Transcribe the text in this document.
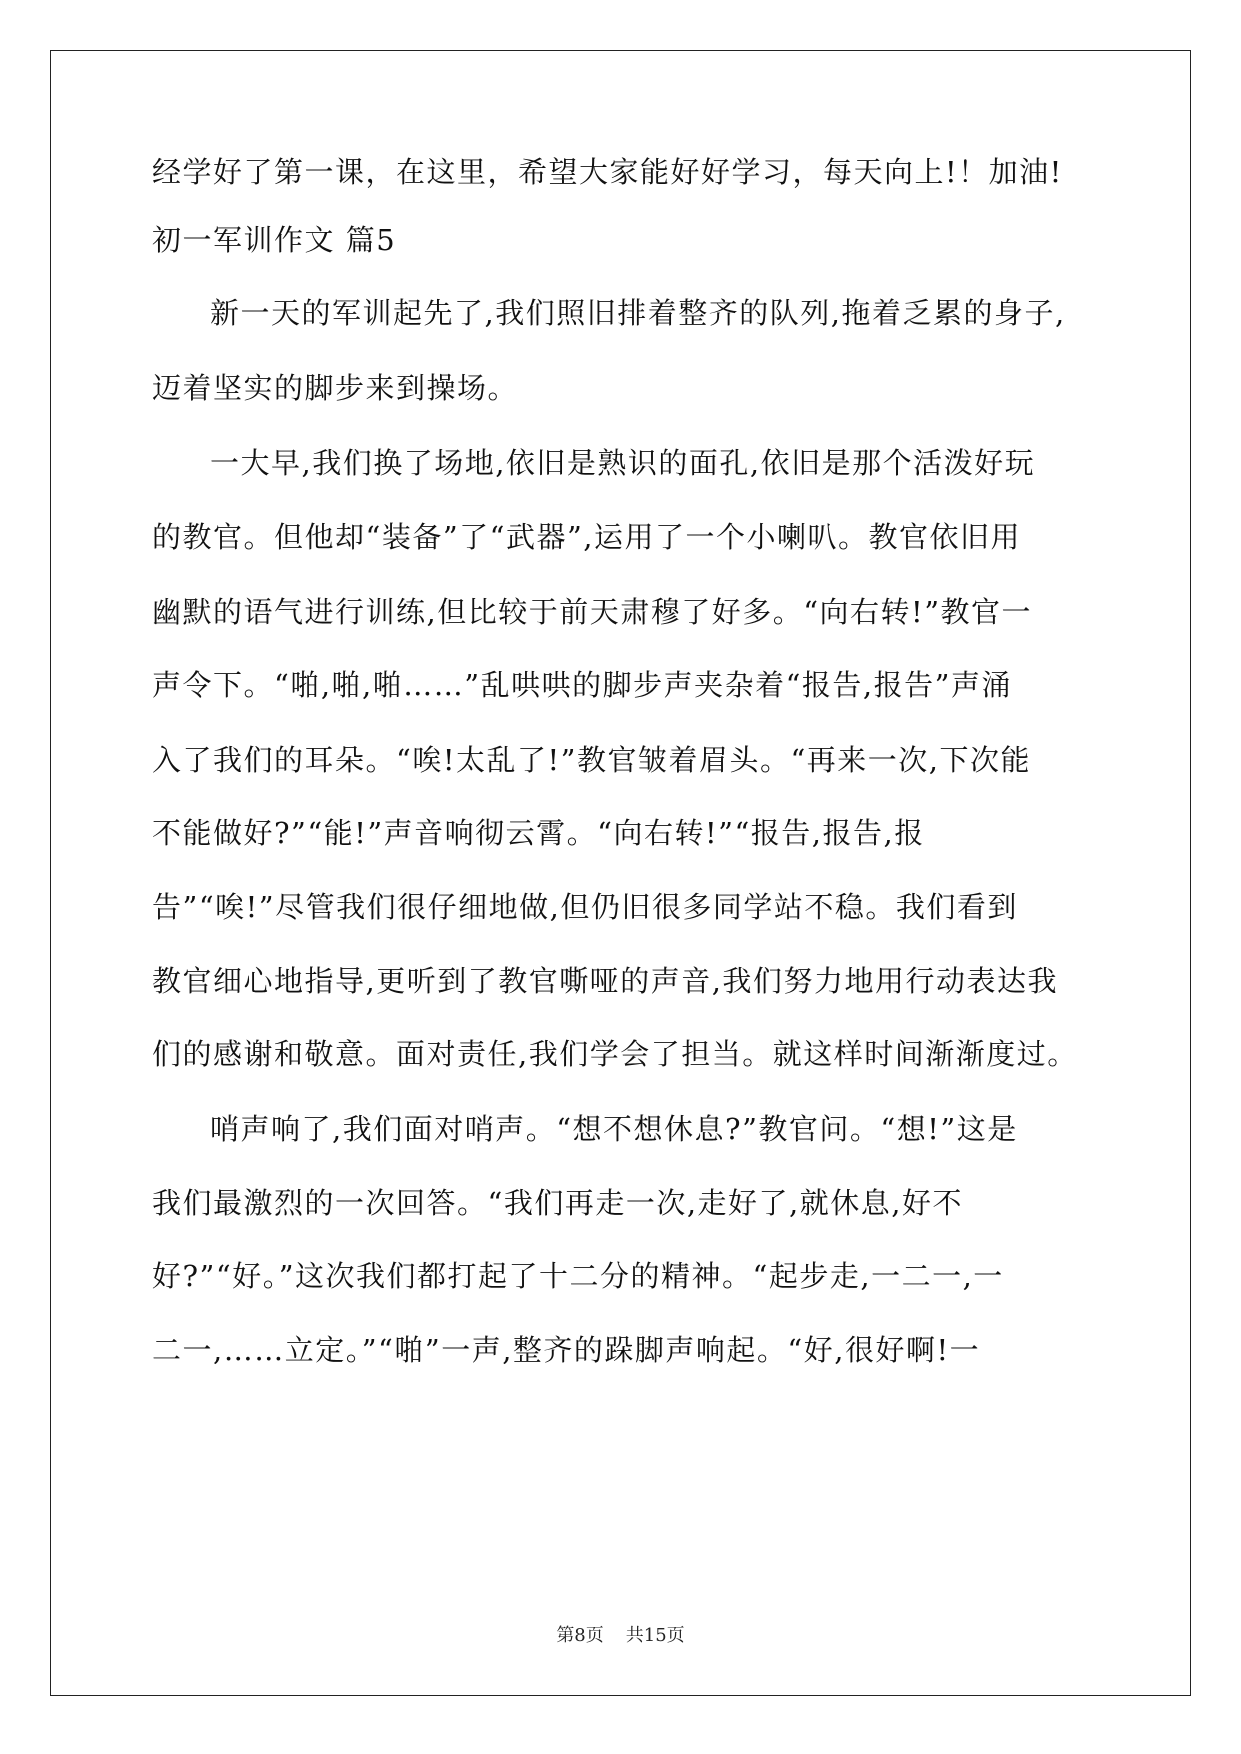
经学好了第一课，在这里，希望大家能好好学习，每天向上!！加油!
初一军训作文 篇5
新一天的军训起先了,我们照旧排着整齐的队列,拖着乏累的身子,
迈着坚实的脚步来到操场。
一大早,我们换了场地,依旧是熟识的面孔,依旧是那个活泼好玩
的教官。但他却“装备”了“武器”,运用了一个小喇叭。教官依旧用
幽默的语气进行训练,但比较于前天肃穆了好多。“向右转!”教官一
声令下。“啪,啪,啪……”乱哄哄的脚步声夹杂着“报告,报告”声涌
入了我们的耳朵。“唉!太乱了!”教官皱着眉头。“再来一次,下次能
不能做好?”“能!”声音响彻云霄。“向右转!”“报告,报告,报
告”“唉!”尽管我们很仔细地做,但仍旧很多同学站不稳。我们看到
教官细心地指导,更听到了教官嘶哑的声音,我们努力地用行动表达我
们的感谢和敬意。面对责任,我们学会了担当。就这样时间渐渐度过。
哨声响了,我们面对哨声。“想不想休息?”教官问。“想!”这是
我们最激烈的一次回答。“我们再走一次,走好了,就休息,好不
好?”“好。”这次我们都打起了十二分的精神。“起步走,一二一,一
二一,……立定。”“啪”一声,整齐的跺脚声响起。“好,很好啊!一
第8页 共15页
